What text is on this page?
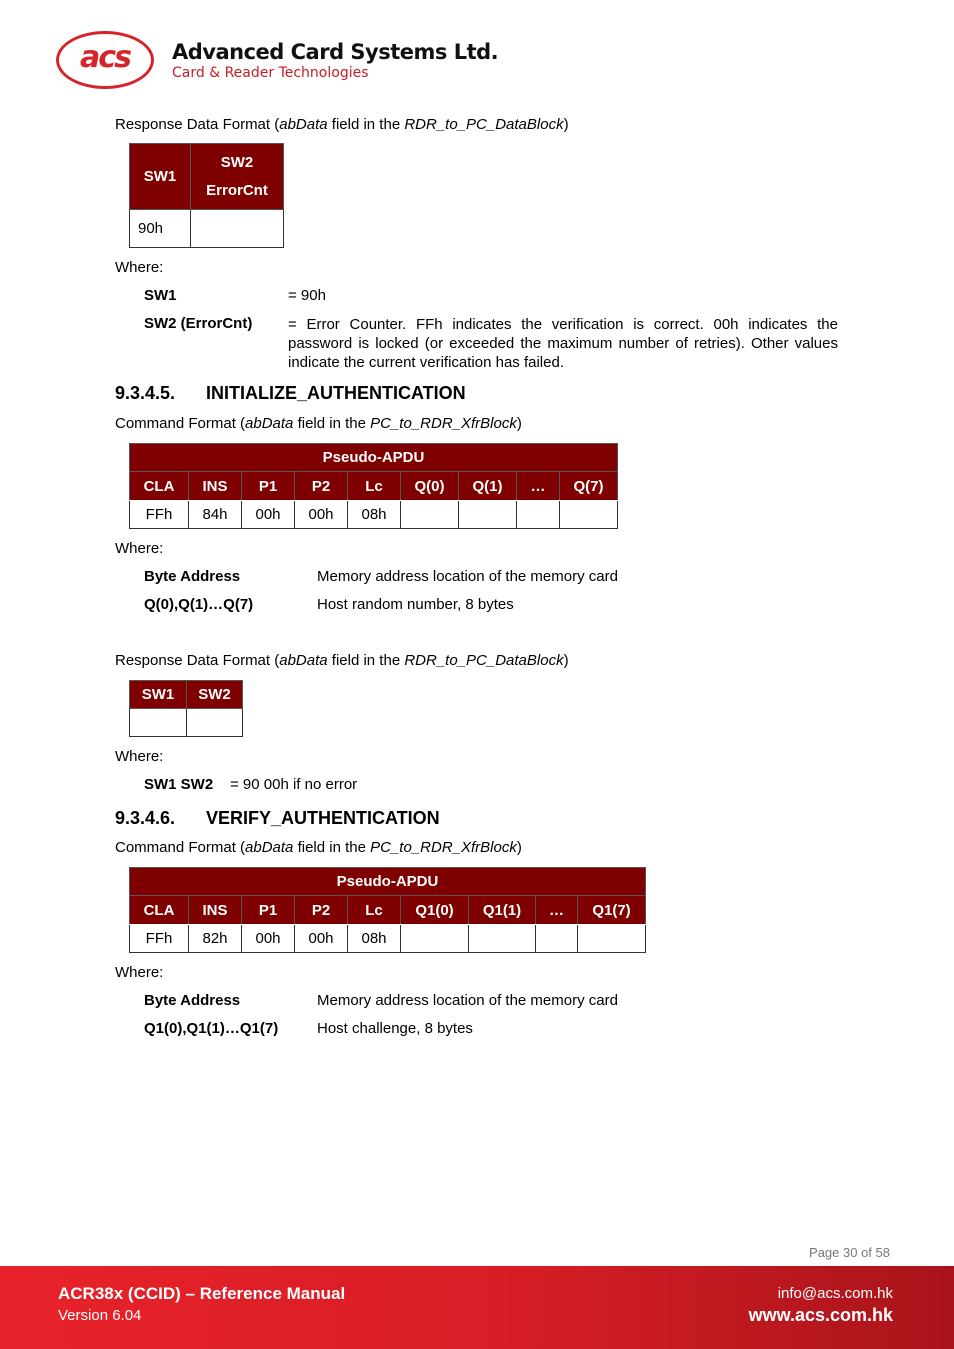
acs	Advanced Card Systems Ltd.
Card & Reader Technologies
Response Data Format (abData field in the RDR_to_PC_DataBlock)
SW1	SW2
ErrorCnt
90h	
Where:
SW1	= 90h
SW2 (ErrorCnt) = Error Counter. FFh indicates the verification is correct. 00h indicates the password is locked (or exceeded the maximum number of retries). Other values indicate the current verification has failed.
9.3.4.5. INITIALIZE_AUTHENTICATION
Command Format (abData field in the PC_to_RDR_XfrBlock)
Pseudo-APDU								
CLA	INS	P1	P2	Lc	Q(0)	Q(1)	…	Q(7)
FFh	84h	00h	00h	08h				
Where:
Byte Address	Memory address location of the memory card
Q(0),Q(1)…Q(7)	Host random number, 8 bytes
Response Data Format (abData field in the RDR_to_PC_DataBlock)
SW1	SW2

Where:
SW1 SW2 = 90 00h if no error
9.3.4.6. VERIFY_AUTHENTICATION
Command Format (abData field in the PC_to_RDR_XfrBlock)
Pseudo-APDU								
CLA	INS	P1	P2	Lc	Q1(0)	Q1(1)	…	Q1(7)
FFh	82h	00h	00h	08h				
Where:
Byte Address	Memory address location of the memory card
Q1(0),Q1(1)…Q1(7)	Host challenge, 8 bytes
Page 30 of 58
ACR38x (CCID) – Reference Manual
Version 6.04
info@acs.com.hk
www.acs.com.hk
